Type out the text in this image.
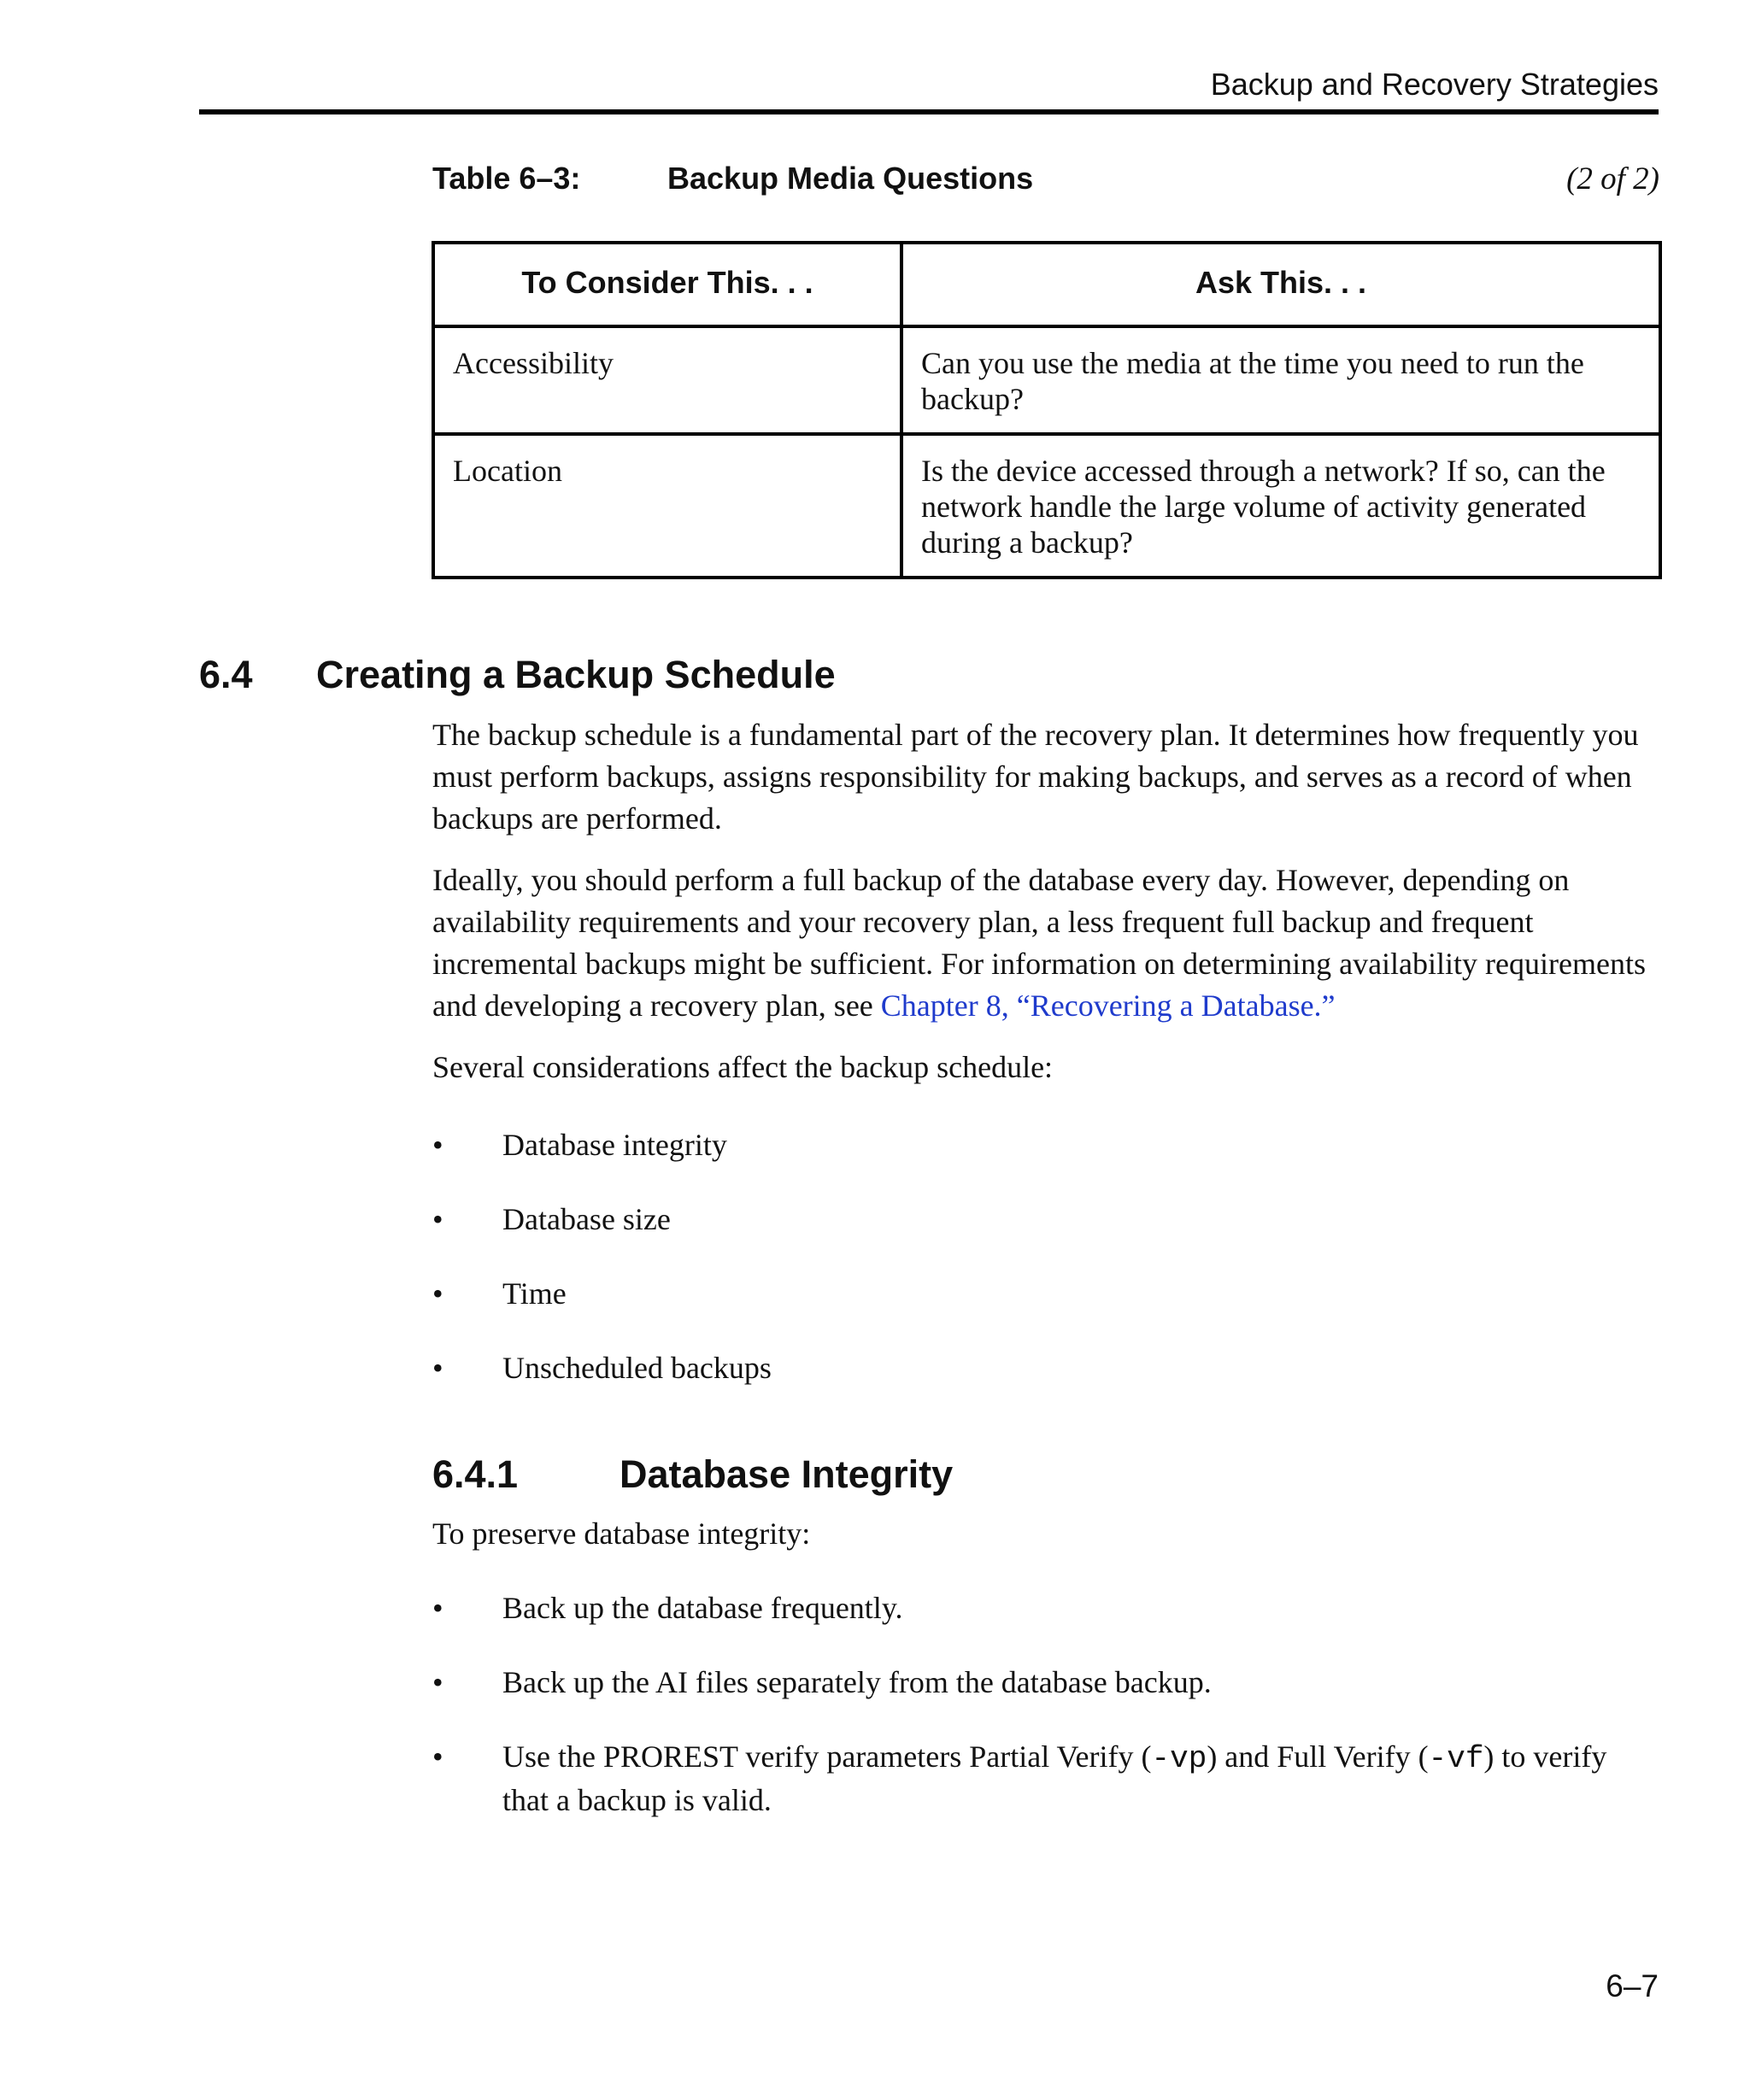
Backup and Recovery Strategies
Table 6–3:	Backup Media Questions	(2 of 2)
To Consider This. . .	Ask This. . .
Accessibility	Can you use the media at the time you need to run the backup?
Location	Is the device accessed through a network? If so, can the network handle the large volume of activity generated during a backup?
6.4 Creating a Backup Schedule

The backup schedule is a fundamental part of the recovery plan. It determines how frequently you must perform backups, assigns responsibility for making backups, and serves as a record of when backups are performed.

Ideally, you should perform a full backup of the database every day. However, depending on availability requirements and your recovery plan, a less frequent full backup and frequent incremental backups might be sufficient. For information on determining availability requirements and developing a recovery plan, see Chapter 8, “Recovering a Database.”

Several considerations affect the backup schedule:

• Database integrity
• Database size
• Time
• Unscheduled backups
6.4.1	Database Integrity
To preserve database integrity:
• Back up the database frequently.
• Back up the AI files separately from the database backup.
• Use the PROREST verify parameters Partial Verify (-vp) and Full Verify (-vf) to verify that a backup is valid.
6–7
